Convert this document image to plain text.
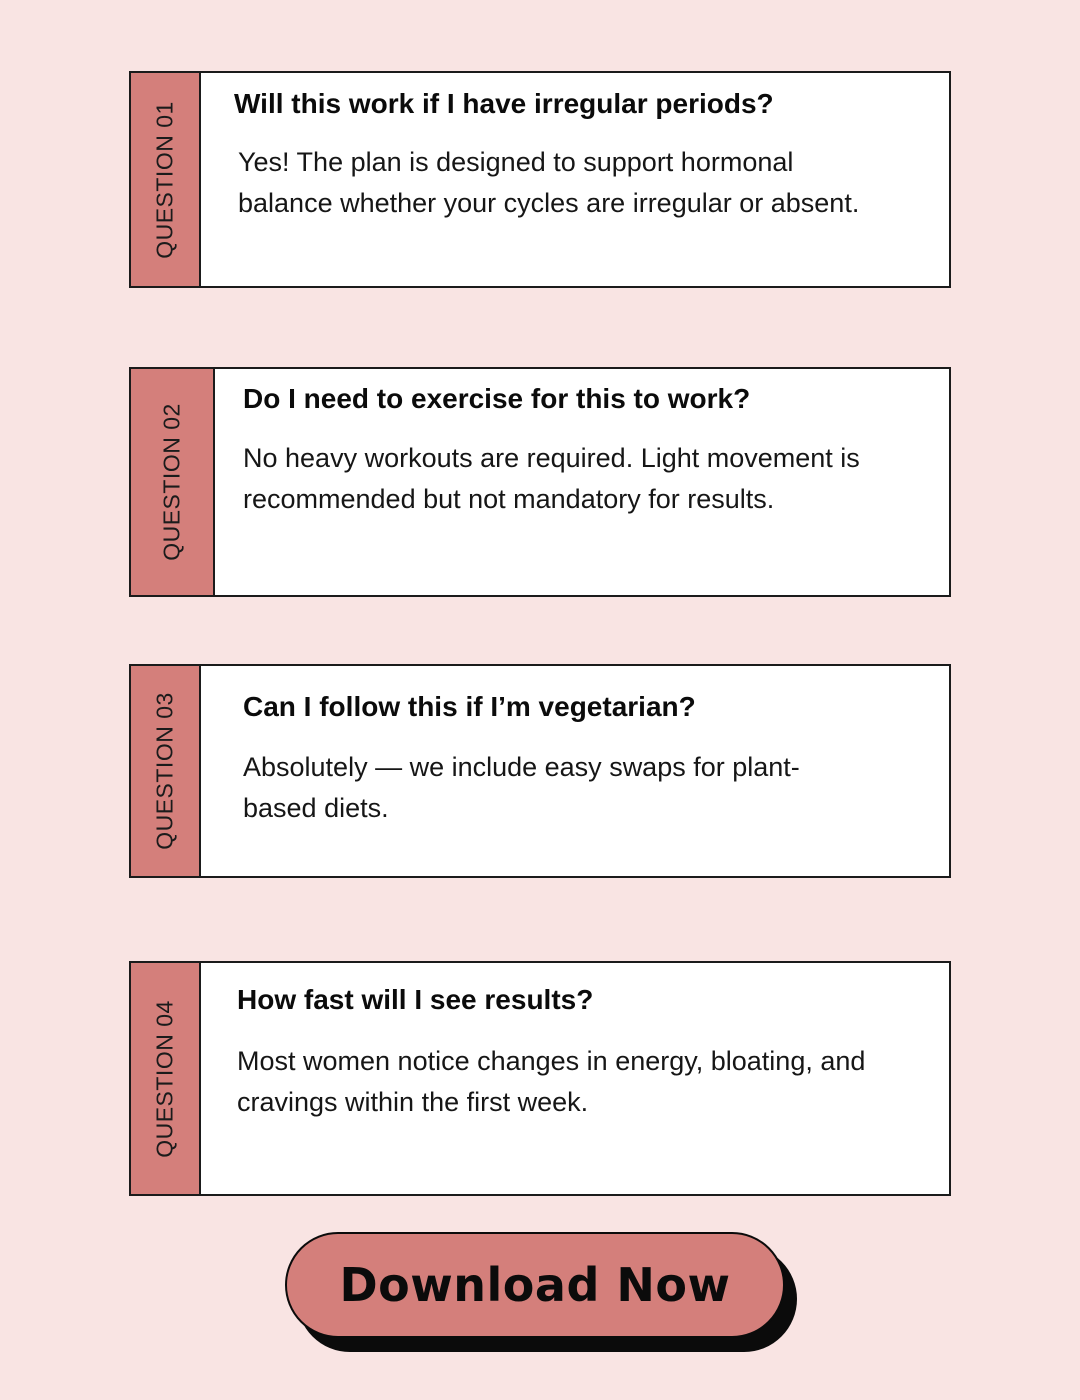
QUESTION 01 Will this work if I have irregular periods?

Yes! The plan is designed to support hormonal balance whether your cycles are irregular or absent.

QUESTION 02

Do I need to exercise for this to work?

No heavy workouts are required. Light movement is recommended but not mandatory for results.

QUESTION 03 Can I follow this if I’m vegetarian?

Absolutely — we include easy swaps for plant-based diets.

QUESTION 04

How fast will I see results?

Most women notice changes in energy, bloating, and cravings within the first week.

Download Now
